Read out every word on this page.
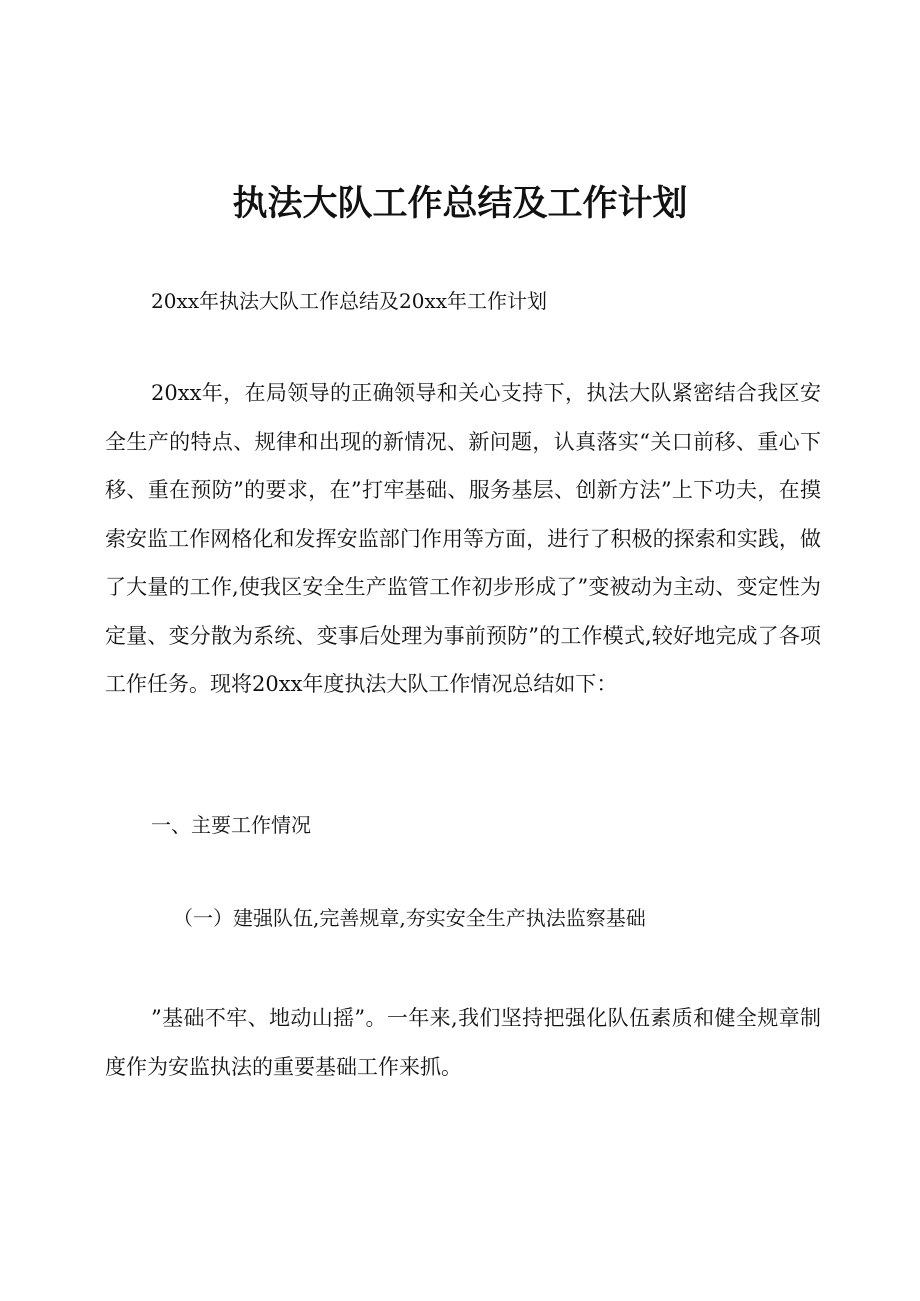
执法大队工作总结及工作计划

20xx年执法大队工作总结及20xx年工作计划

20xx年，在局领导的正确领导和关心支持下，执法大队紧密结合我区安全生产的特点、规律和出现的新情况、新问题，认真落实“关口前移、重心下移、重在预防”的要求，在”打牢基础、服务基层、创新方法”上下功夫，在摸索安监工作网格化和发挥安监部门作用等方面，进行了积极的探索和实践，做了大量的工作,使我区安全生产监管工作初步形成了”变被动为主动、变定性为定量、变分散为系统、变事后处理为事前预防”的工作模式,较好地完成了各项工作任务。现将20xx年度执法大队工作情况总结如下：

一、主要工作情况

（一）建强队伍,完善规章,夯实安全生产执法监察基础

”基础不牢、地动山摇”。一年来,我们坚持把强化队伍素质和健全规章制度作为安监执法的重要基础工作来抓。
